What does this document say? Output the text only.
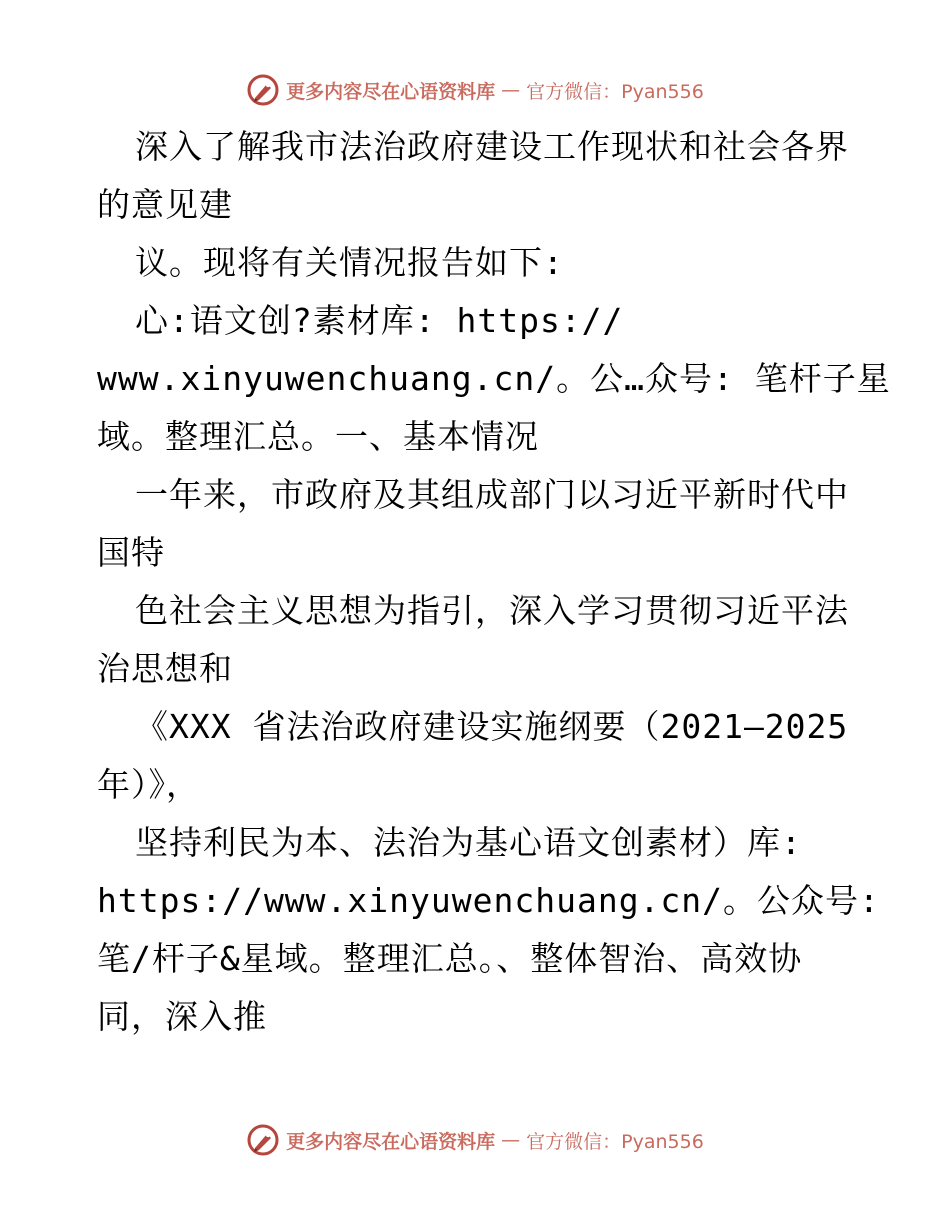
更多内容尽在心语资料库 — 官方微信：Pyan556
深入了解我市法治政府建设工作现状和社会各界
的意见建
议。现将有关情况报告如下:
心:语文创?素材库: https://
www.xinyuwenchuang.cn/。公…众号: 笔杆子星
域。整理汇总。一、基本情况
一年来，市政府及其组成部门以习近平新时代中
国特
色社会主义思想为指引，深入学习贯彻习近平法
治思想和
《XXX 省法治政府建设实施纲要（2021—2025
年）》，
坚持利民为本、法治为基心语文创素材）库:
https://www.xinyuwenchuang.cn/。公众号:
笔/杆子&星域。整理汇总。、整体智治、高效协
同，深入推
更多内容尽在心语资料库 — 官方微信：Pyan556
